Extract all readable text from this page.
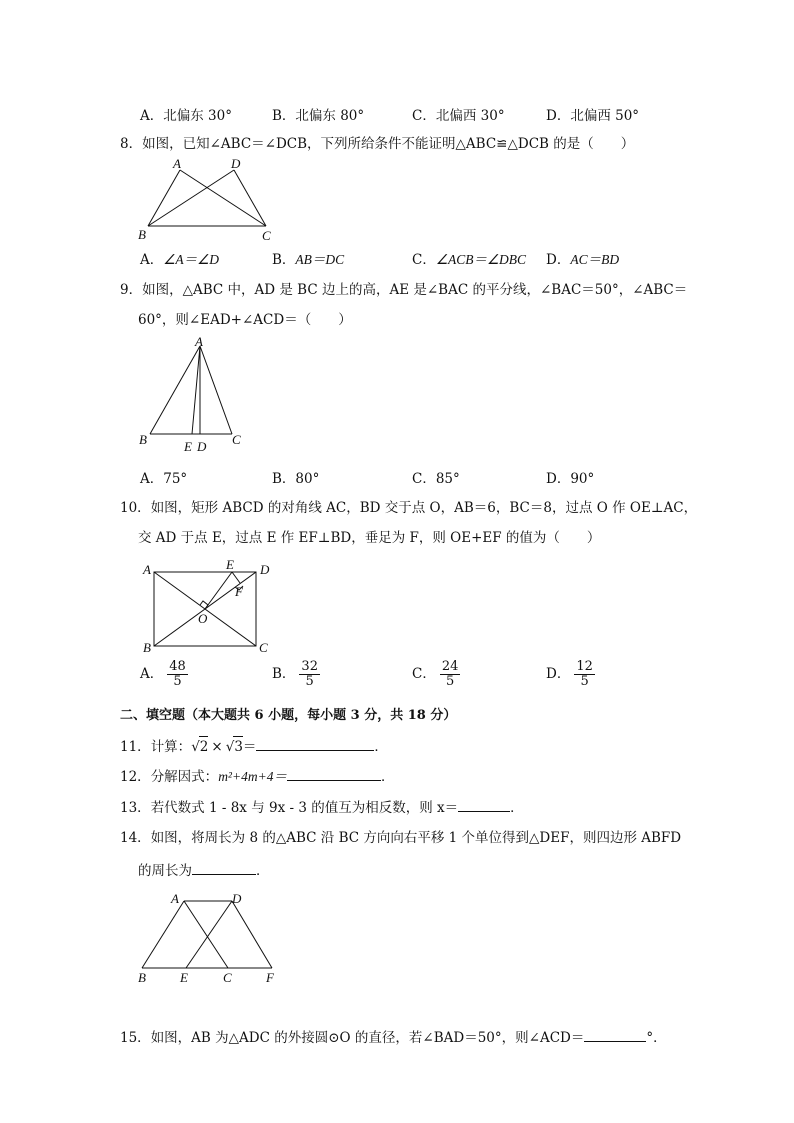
A．北偏东 30°	B．北偏东 80°	C．北偏西 30°	D．北偏西 50°
8．如图，已知∠ABC＝∠DCB，下列所给条件不能证明△ABC≌△DCB 的是（　　）
A	D
B	C
A．∠A＝∠D	B．AB＝DC	C．∠ACB＝∠DBC D．AC＝BD
9．如图，△ABC 中，AD 是 BC 边上的高，AE 是∠BAC 的平分线，∠BAC＝50°，∠ABC＝
60°，则∠EAD+∠ACD＝（　　）
A
B	E D C
A．75°	B．80°	C．85°	D．90°
10．如图，矩形 ABCD 的对角线 AC，BD 交于点 O，AB＝6，BC＝8，过点 O 作 OE⊥AC，
交 AD 于点 E，过点 E 作 EF⊥BD，垂足为 F，则 OE+EF 的值为（　　）
A	E D
F
O
B	C
A． $\frac{48}{5}$	B． $\frac{32}{5}$	C． $\frac{24}{5}$	D． $\frac{12}{5}$
二、填空题（本大题共 6 小题，每小题 3 分，共 18 分）
11．计算：√2 × √3＝	．
12．分解因式：m²+4m+4＝	．
13．若代数式 1 - 8x 与 9x - 3 的值互为相反数，则 x＝	．
14．如图，将周长为 8 的△ABC 沿 BC 方向向右平移 1 个单位得到△DEF，则四边形 ABFD
的周长为	．
A	D
B	E	C	F
15．如图，AB 为△ADC 的外接圆⊙O 的直径，若∠BAD＝50°，则∠ACD＝	°．
